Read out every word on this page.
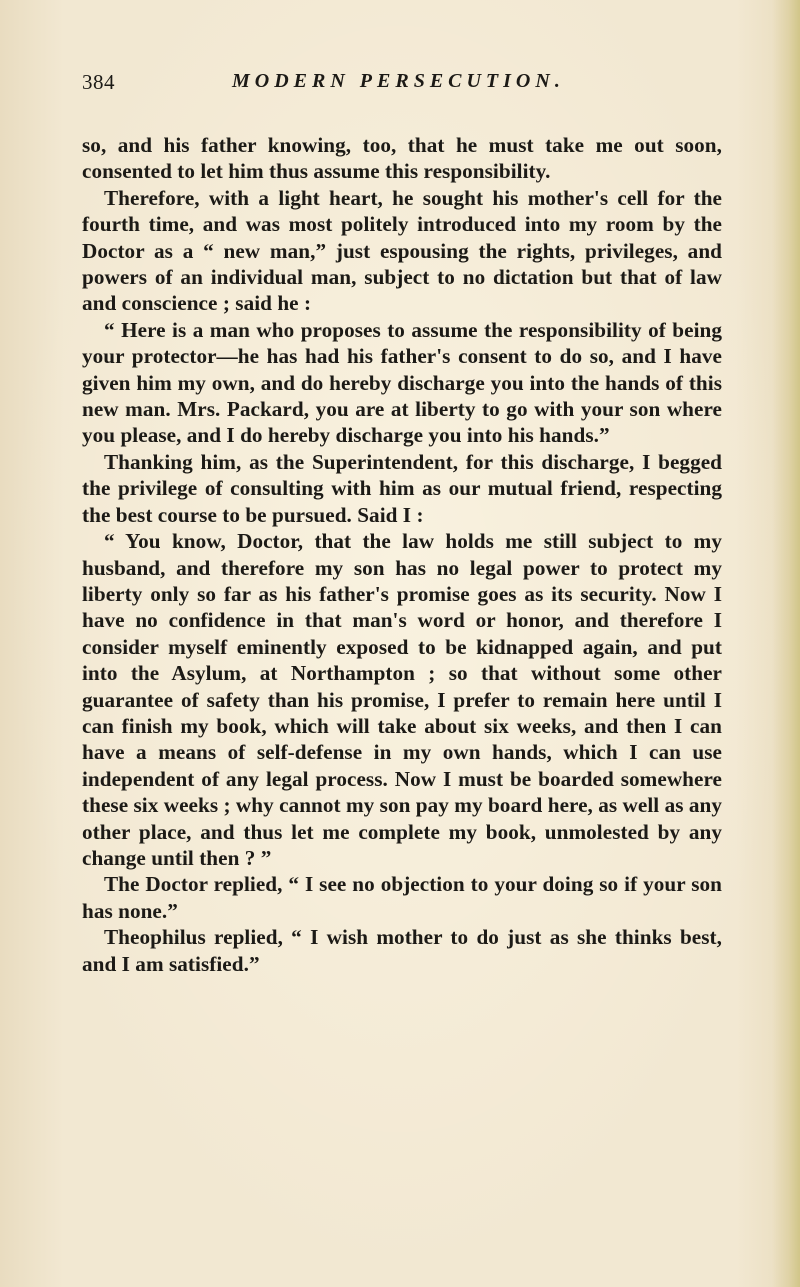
384	MODERN PERSECUTION.

so, and his father knowing, too, that he must take me out soon, consented to let him thus assume this responsibility.

Therefore, with a light heart, he sought his mother's cell for the fourth time, and was most politely introduced into my room by the Doctor as a “ new man,” just espousing the rights, privileges, and powers of an individual man, subject to no dictation but that of law and conscience ; said he :

“ Here is a man who proposes to assume the responsibility of being your protector—he has had his father's consent to do so, and I have given him my own, and do hereby discharge you into the hands of this new man. Mrs. Packard, you are at liberty to go with your son where you please, and I do hereby discharge you into his hands.”

Thanking him, as the Superintendent, for this discharge, I begged the privilege of consulting with him as our mutual friend, respecting the best course to be pursued. Said I :

“ You know, Doctor, that the law holds me still subject to my husband, and therefore my son has no legal power to protect my liberty only so far as his father's promise goes as its security. Now I have no confidence in that man's word or honor, and therefore I consider myself eminently exposed to be kidnapped again, and put into the Asylum, at Northampton ; so that without some other guarantee of safety than his promise, I prefer to remain here until I can finish my book, which will take about six weeks, and then I can have a means of self-defense in my own hands, which I can use independent of any legal process. Now I must be boarded somewhere these six weeks ; why cannot my son pay my board here, as well as any other place, and thus let me complete my book, unmolested by any change until then ? ”

The Doctor replied, “ I see no objection to your doing so if your son has none.”

Theophilus replied, “ I wish mother to do just as she thinks best, and I am satisfied.”
